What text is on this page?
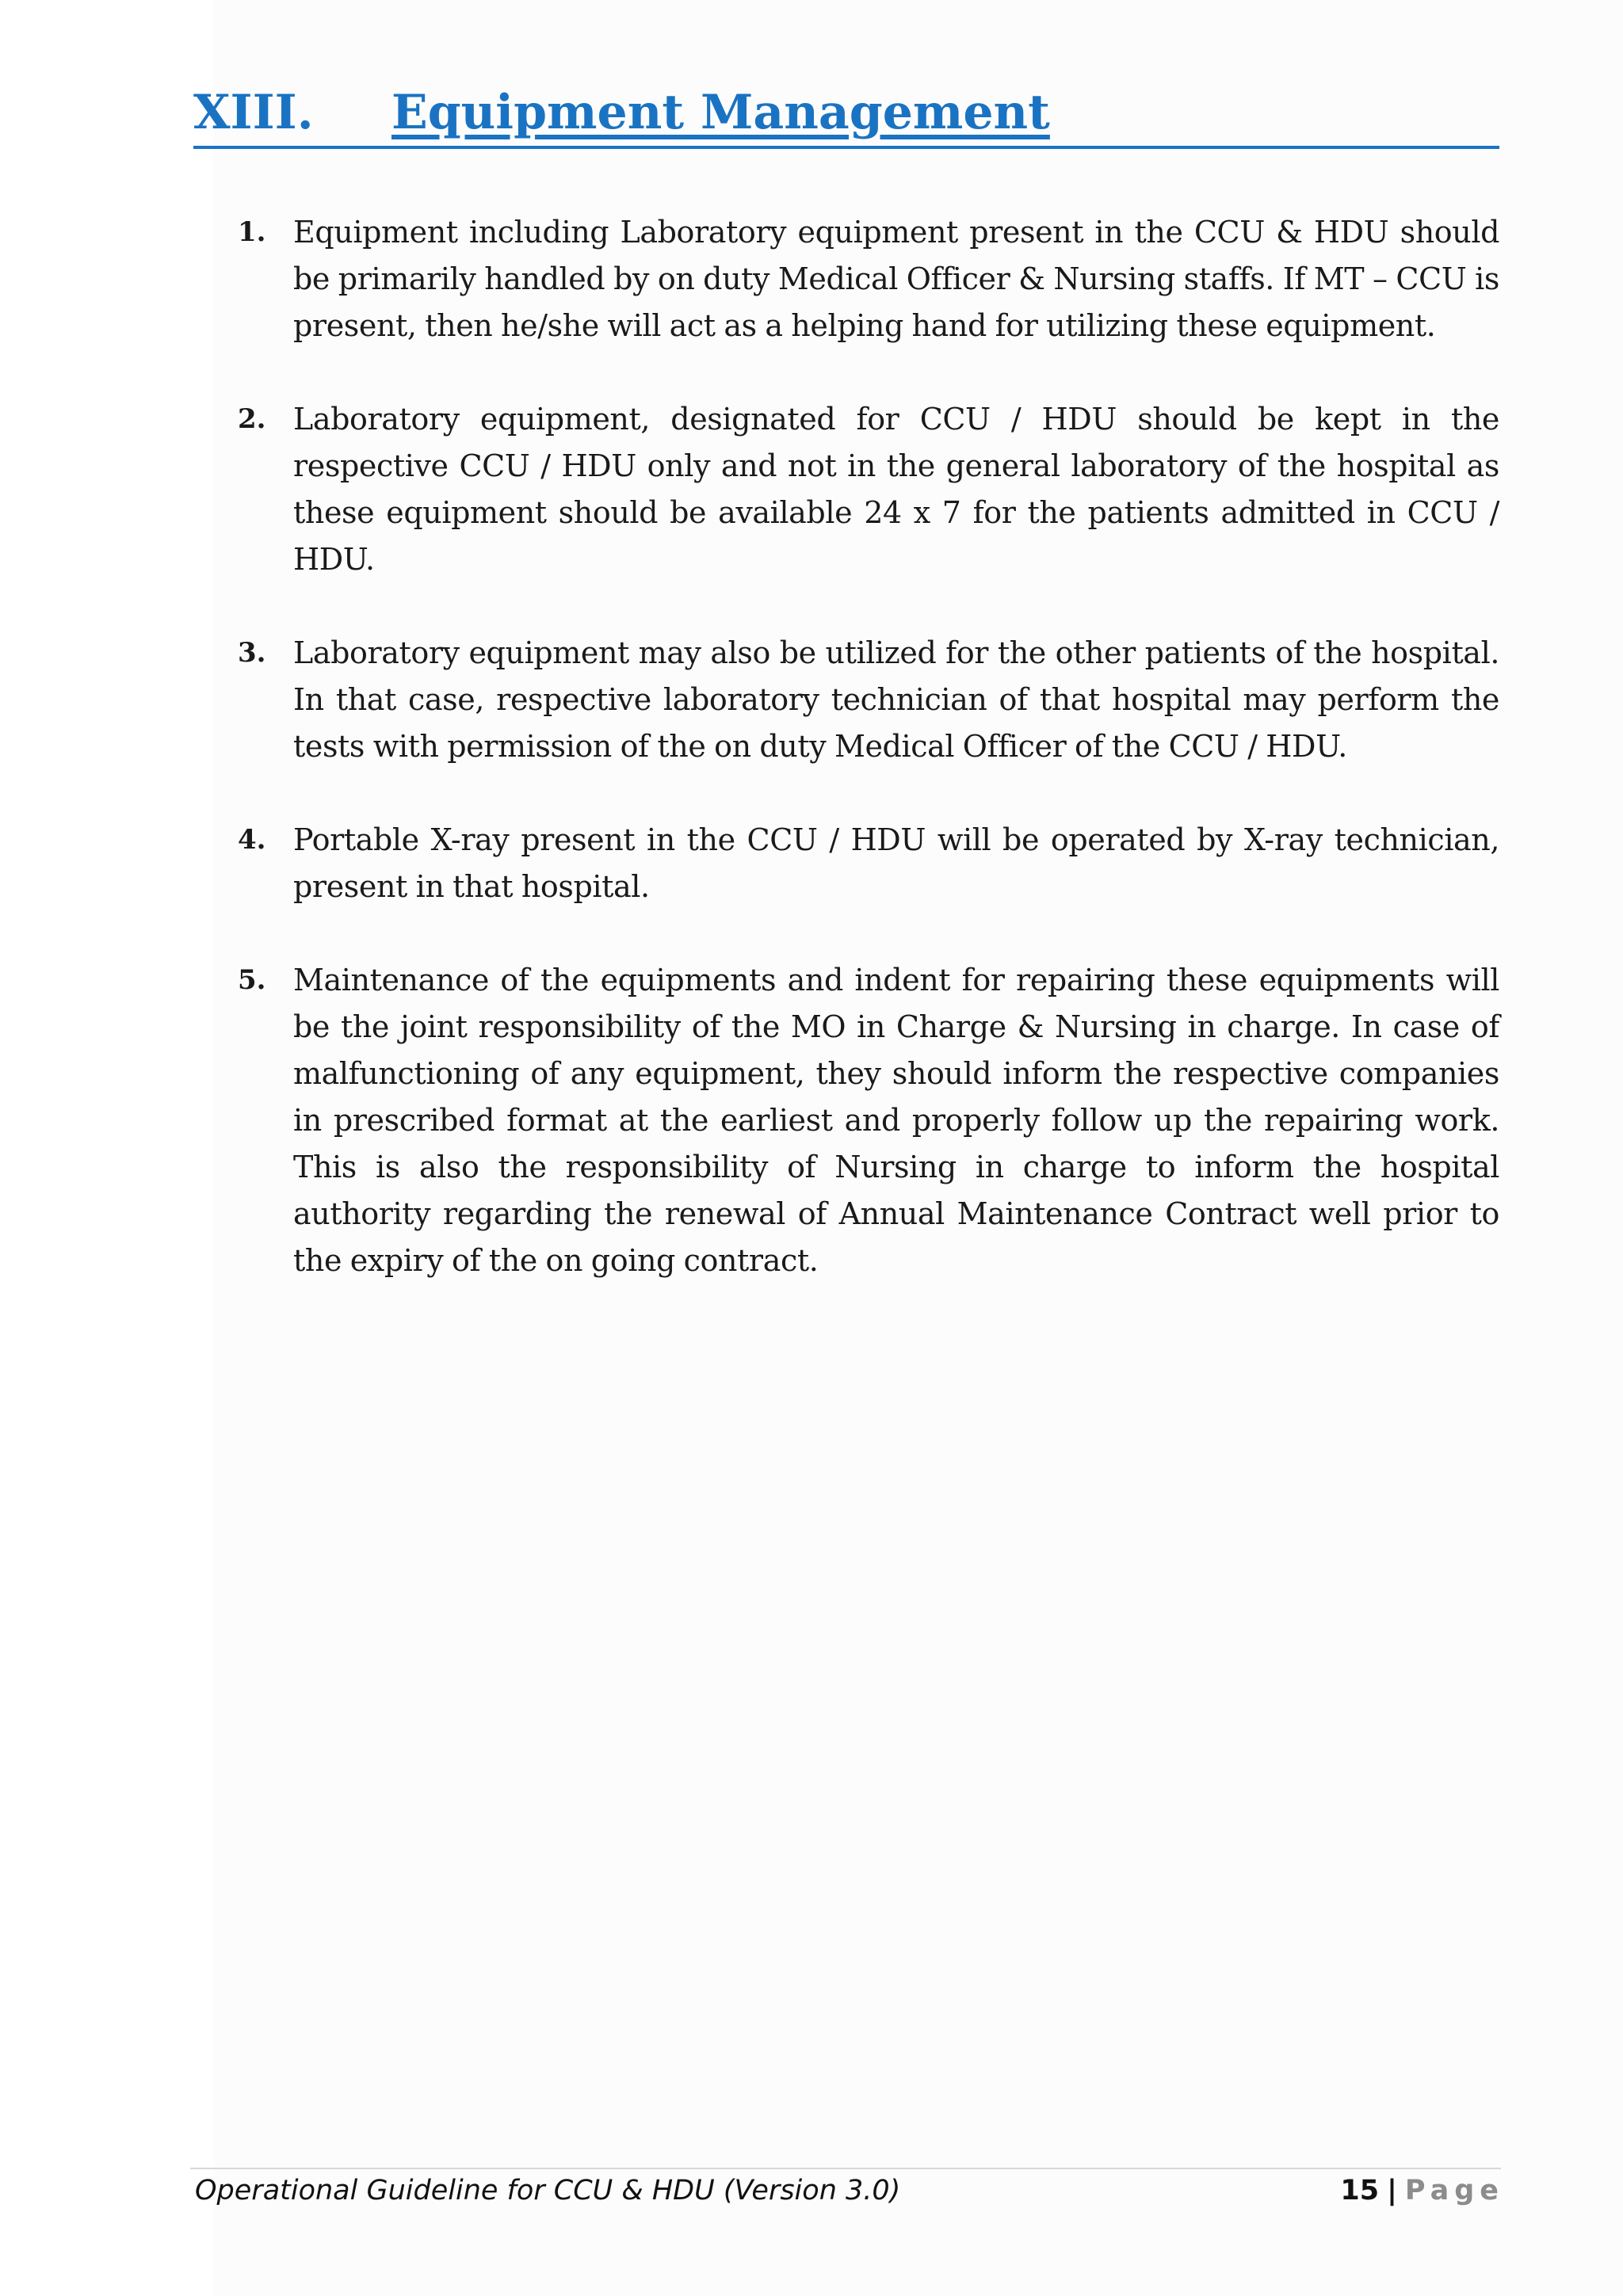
XIII. Equipment Management
1. Equipment including Laboratory equipment present in the CCU & HDU should be primarily handled by on duty Medical Officer & Nursing staffs. If MT – CCU is present, then he/she will act as a helping hand for utilizing these equipment.
2. Laboratory equipment, designated for CCU / HDU should be kept in the respective CCU / HDU only and not in the general laboratory of the hospital as these equipment should be available 24 x 7 for the patients admitted in CCU / HDU.
3. Laboratory equipment may also be utilized for the other patients of the hospital. In that case, respective laboratory technician of that hospital may perform the tests with permission of the on duty Medical Officer of the CCU / HDU.
4. Portable X-ray present in the CCU / HDU will be operated by X-ray technician, present in that hospital.
5. Maintenance of the equipments and indent for repairing these equipments will be the joint responsibility of the MO in Charge & Nursing in charge. In case of malfunctioning of any equipment, they should inform the respective companies in prescribed format at the earliest and properly follow up the repairing work. This is also the responsibility of Nursing in charge to inform the hospital authority regarding the renewal of Annual Maintenance Contract well prior to the expiry of the on going contract.
Operational Guideline for CCU & HDU (Version 3.0)	15 | Page
